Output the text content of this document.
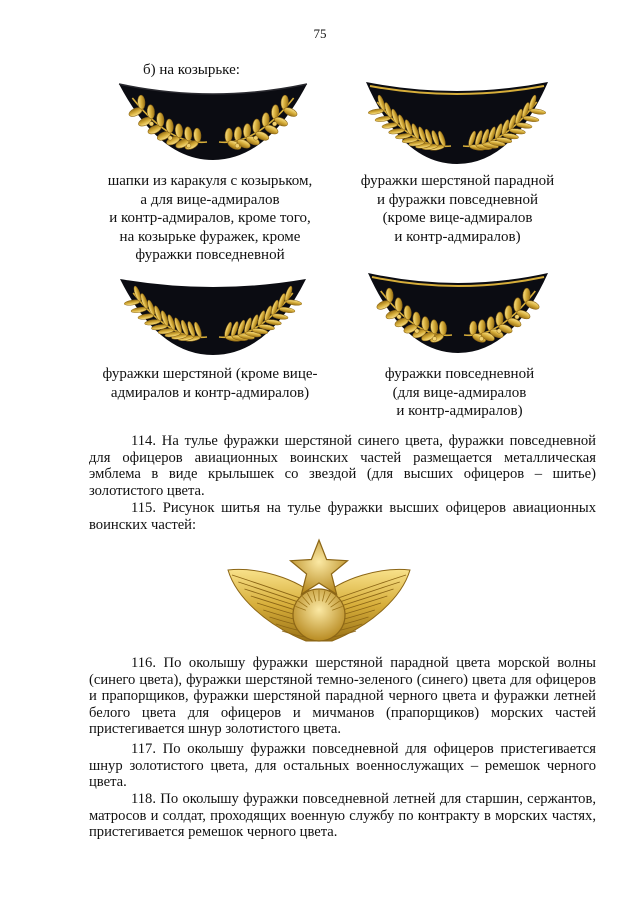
75
б) на козырьке:
шапки из каракуля с козырьком,
а для вице-адмиралов
и контр-адмиралов, кроме того,
на козырьке фуражек, кроме
фуражки повседневной
фуражки шерстяной парадной
и фуражки повседневной
(кроме вице-адмиралов
и контр-адмиралов)
фуражки шерстяной (кроме вице-
адмиралов и контр-адмиралов)
фуражки повседневной
(для вице-адмиралов
и контр-адмиралов)

114. На тулье фуражки шерстяной синего цвета, фуражки повседневной для офицеров авиационных воинских частей размещается металлическая эмблема в виде крылышек со звездой (для высших офицеров – шитье) золотистого цвета.

115. Рисунок шитья на тулье фуражки высших офицеров авиационных воинских частей:

116. По околышу фуражки шерстяной парадной цвета морской волны (синего цвета), фуражки шерстяной темно-зеленого (синего) цвета для офицеров и прапорщиков, фуражки шерстяной парадной черного цвета и фуражки летней белого цвета для офицеров и мичманов (прапорщиков) морских частей пристегивается шнур золотистого цвета.

117. По околышу фуражки повседневной для офицеров пристегивается шнур золотистого цвета, для остальных военнослужащих – ремешок черного цвета.

118. По околышу фуражки повседневной летней для старшин, сержантов, матросов и солдат, проходящих военную службу по контракту в морских частях, пристегивается ремешок черного цвета.
